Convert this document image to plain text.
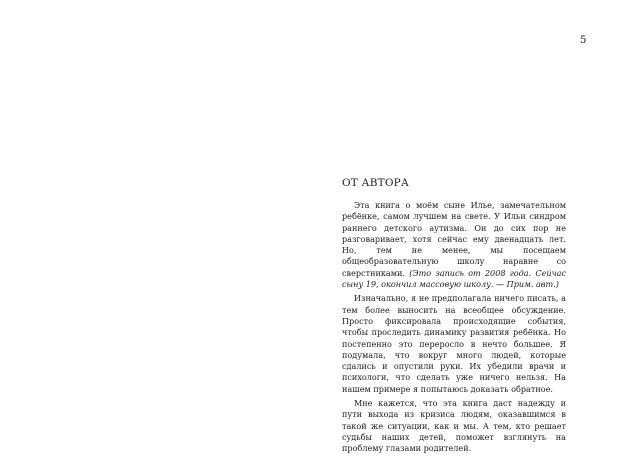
5
ОТ АВТОРА

Эта книга о моём сыне Илье, замечательном ребёнке, самом лучшем на свете. У Ильи синдром раннего детского аутизма. Он до сих пор не разговаривает, хотя сейчас ему двенадцать лет. Но, тем не менее, мы посещаем общеобразовательную школу наравне со сверстниками. (Это запись от 2008 года. Сейчас сыну 19, окончил массовую школу. — Прим. авт.)

Изначально, я не предполагала ничего писать, а тем более выносить на всеобщее обсуждение. Просто фиксировала происходящие события, чтобы проследить динамику развития ребёнка. Но постепенно это переросло в нечто большее. Я подумала, что вокруг много людей, которые сдались и опустили руки. Их убедили врачи и психологи, что сделать уже ничего нельзя. На нашем примере я попытаюсь доказать обратное.

Мне кажется, что эта книга даст надежду и пути выхода из кризиса людям, оказавшимся в такой же ситуации, как и мы. А тем, кто решает судьбы наших детей, поможет взглянуть на проблему глазами родителей.
